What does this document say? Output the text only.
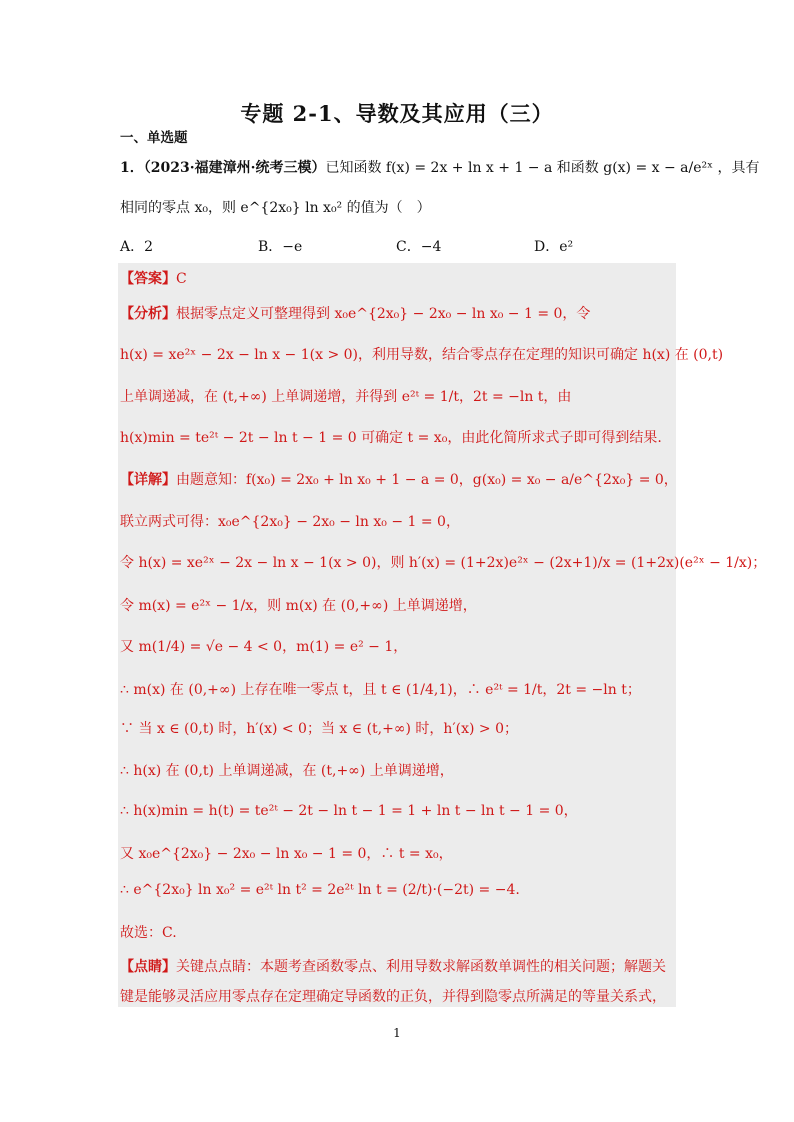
专题 2-1、导数及其应用（三）
一、单选题
1．（2023·福建漳州·统考三模）已知函数 f(x) = 2x + ln x + 1 − a 和函数 g(x) = x − a/e²ˣ ，具有
相同的零点 x₀，则 e^{2x₀} ln x₀² 的值为（　）
A．2	B．−e	C．−4	D．e²
【答案】C
【分析】根据零点定义可整理得到 x₀e^{2x₀} − 2x₀ − ln x₀ − 1 = 0，令
h(x) = xe²ˣ − 2x − ln x − 1(x > 0)，利用导数，结合零点存在定理的知识可确定 h(x) 在 (0,t)
上单调递减，在 (t,+∞) 上单调递增，并得到 e²ᵗ = 1/t，2t = −ln t，由
h(x)min = te²ᵗ − 2t − ln t − 1 = 0 可确定 t = x₀，由此化简所求式子即可得到结果.
【详解】由题意知：f(x₀) = 2x₀ + ln x₀ + 1 − a = 0，g(x₀) = x₀ − a/e^{2x₀} = 0，
联立两式可得：x₀e^{2x₀} − 2x₀ − ln x₀ − 1 = 0，
令 h(x) = xe²ˣ − 2x − ln x − 1(x > 0)，则 h′(x) = (1+2x)e²ˣ − (2x+1)/x = (1+2x)(e²ˣ − 1/x)；
令 m(x) = e²ˣ − 1/x，则 m(x) 在 (0,+∞) 上单调递增，
又 m(1/4) = √e − 4 < 0，m(1) = e² − 1，
∴ m(x) 在 (0,+∞) 上存在唯一零点 t，且 t ∈ (1/4,1)，∴ e²ᵗ = 1/t，2t = −ln t；
∵ 当 x ∈ (0,t) 时，h′(x) < 0；当 x ∈ (t,+∞) 时，h′(x) > 0；
∴ h(x) 在 (0,t) 上单调递减，在 (t,+∞) 上单调递增，
∴ h(x)min = h(t) = te²ᵗ − 2t − ln t − 1 = 1 + ln t − ln t − 1 = 0，
又 x₀e^{2x₀} − 2x₀ − ln x₀ − 1 = 0，∴ t = x₀，
∴ e^{2x₀} ln x₀² = e²ᵗ ln t² = 2e²ᵗ ln t = (2/t)·(−2t) = −4.
故选：C.
【点睛】关键点点睛：本题考查函数零点、利用导数求解函数单调性的相关问题；解题关
键是能够灵活应用零点存在定理确定导函数的正负，并得到隐零点所满足的等量关系式，
1
